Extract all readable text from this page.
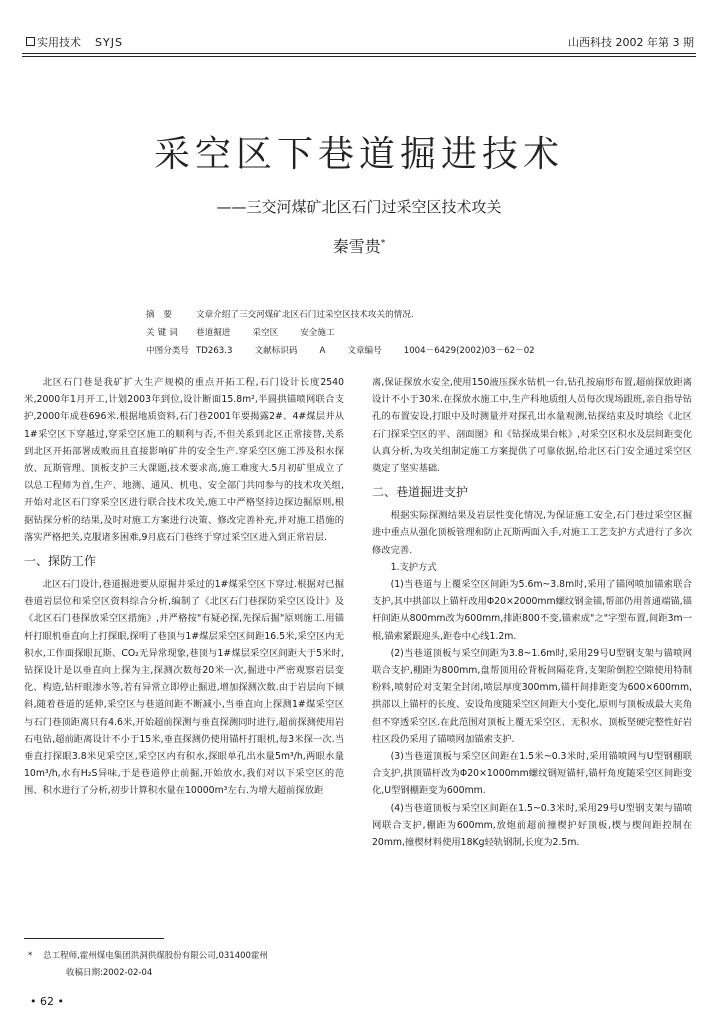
实用技术 SYJS	山西科技 2002 年第 3 期
采空区下巷道掘进技术
——三交河煤矿北区石门过采空区技术攻关
秦雪贵*
摘 要 文章介绍了三交河煤矿北区石门过采空区技术攻关的情况.
关键词 巷道掘进	采空区	安全施工
中图分类号 TD263.3	文献标识码	A	文章编号	1004－6429(2002)03－62－02

北区石门巷是我矿扩大生产规模的重点开拓工程,石门设计长度2540米,2000年1月开工,计划2003年到位,设计断面15.8m²,半圆拱锚喷网联合支护,2000年成巷696米.根据地质资料,石门巷2001年要揭露2#、4#煤层并从1#采空区下穿越过,穿采空区施工的顺利与否,不但关系到北区正常接替,关系到北区开拓部署成败而且直接影响矿井的安全生产.穿采空区施工涉及积水探放、瓦斯管理、顶板支护三大课题,技术要求高,施工难度大.5月初矿里成立了以总工程师为首,生产、地测、通风、机电、安全部门共同参与的技术攻关组,开始对北区石门穿采空区进行联合技术攻关,施工中严格坚持边探边掘原则,根据钻探分析的结果,及时对施工方案进行决策、修改完善补充,并对施工措施的落实严格把关,克服诸多困难,9月底石门巷终于穿过采空区进入到正常岩层.

一、探防工作

北区石门设计,巷道掘进要从原掘井采过的1#煤采空区下穿过.根据对已掘巷道岩层位和采空区资料综合分析,编制了《北区石门巷探防采空区设计》及《北区石门巷探放采空区措施》,并严格按"有疑必探,先探后掘"原则施工.用锚杆打眼机垂直向上打探眼,探明了巷顶与1#煤层采空区间距16.5米,采空区内无积水,工作面探眼瓦斯、CO₂无异常现象,巷顶与1#煤层采空区间距大于5米时,钻探设计是以垂直向上探为主,探测次数每20米一次,掘进中严密观察岩层变化、构造,钻杆眼渗水等,若有异常立即停止掘进,增加探测次数.由于岩层向下倾斜,随着巷道的延伸,采空区与巷道间距不断减小,当垂直向上探测1#煤采空区与石门巷顶距离只有4.6米,开始超前探测与垂直探测同时进行,超前探测使用岩石电钻,超前距离设计不小于15米,垂直探测仍使用锚杆打眼机,每3米探一次.当垂直打探眼3.8米见采空区,采空区内有积水,探眼单孔出水量5m³/h,两眼水量10m³/h,水有H₂S异味,于是巷道停止前掘,开始放水,我们对以下采空区的范围、积水进行了分析,初步计算积水量在10000m³左右.为增大超前探放距

离,保证探放水安全,使用150液压探水钻机一台,钻孔按扇形布置,超前探放距离设计不小于30米.在探放水施工中,生产科地质组人员每次现场跟班,亲自指导钻孔的布置安设,打眼中及时测量并对探孔出水量观测,钻探结束及时填绘《北区石门探采空区的平、剖面图》和《钻探成果台帐》,对采空区积水及层间距变化认真分析,为攻关组制定施工方案提供了可靠依据,给北区石门安全通过采空区奠定了坚实基础.

二、巷道掘进支护

根据实际探测结果及岩层性变化情况,为保证施工安全,石门巷过采空区掘进中重点从强化顶板管理和防止瓦斯两面入手,对施工工艺支护方式进行了多次修改完善.

1.支护方式

(1)当巷道与上覆采空区间距为5.6m~3.8m时,采用了锚网喷加锚索联合支护,其中拱部以上锚杆改用Φ20×2000mm螺纹钢金锚,帮部仍用普通端锚,锚杆间距从800mm改为600mm,排距800不变,锚索成"之"字型布置,间距3m一根,锚索紧跟迎头,距卷中心线1.2m.

(2)当巷道顶板与采空间距为3.8~1.6m时,采用29号U型钢支架与锚喷网联合支护,棚距为800mm,盘帮顶用砼背板间隔花背,支架阶倒腔空隙使用特制粉料,喷射砼对支架全封闭,喷层厚度300mm,锚杆间排距变为600×600mm,拱部以上锚杆的长度、安设角度随采空区间距大小变化,原则与顶板成最大夹角但不穿透采空区.在此范围对顶板上覆无采空区、无积水、顶板坚硬完整性好岩柱区段仍采用了锚喷网加锚索支护.

(3)当巷道顶板与采空区间距在1.5米~0.3米时,采用锚喷网与U型钢棚联合支护,拱顶锚杆改为Φ20×1000mm螺纹钢短锚杆,锚杆角度随采空区间距变化,U型钢棚距变为600mm.

(4)当巷道顶板与采空区间距在1.5~0.3米时,采用29号U型钢支架与锚喷网联合支护,棚距为600mm,放炮前超前撞楔护好顶板,楔与楔间距控制在20mm,撞楔材料使用18Kg轻轨钢制,长度为2.5m.

* 总工程师,霍州煤电集团洪洞供煤股份有限公司,031400霍州
收稿日期:2002-02-04
• 62 •
